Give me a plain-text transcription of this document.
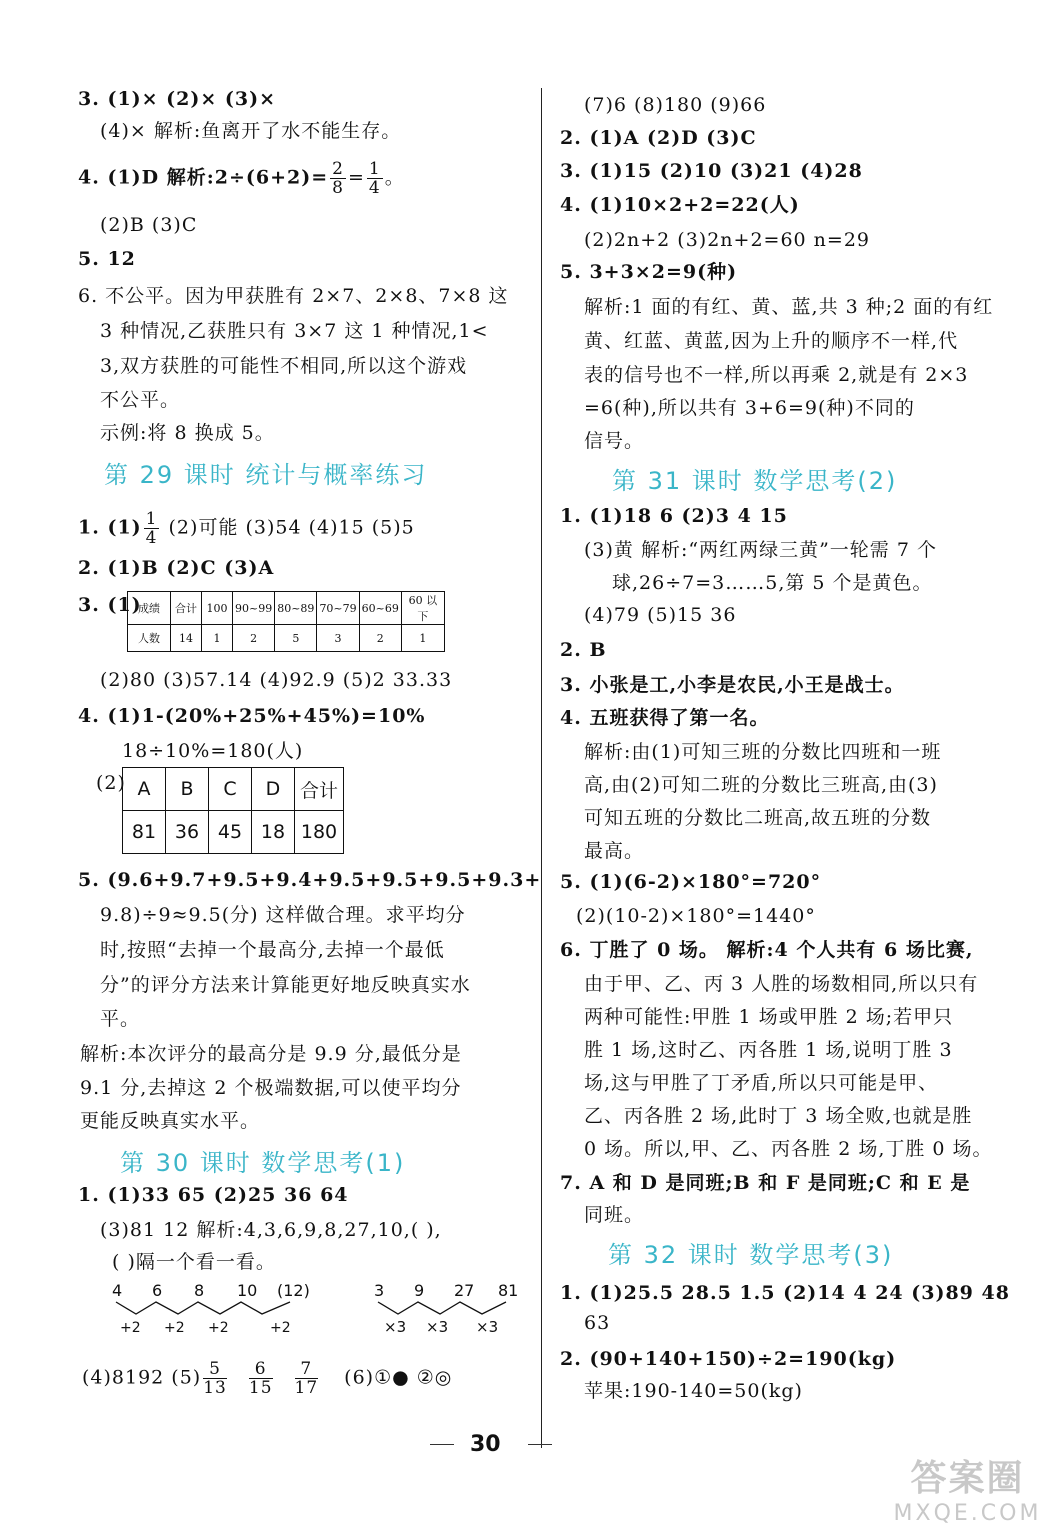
3. (1)× (2)× (3)×
(4)× 解析:鱼离开了水不能生存。
4. (1)D 解析:2÷(6+2)= $\frac{2}{8} = \frac{1}{4}$ 。
(2)B (3)C
5. 12
6. 不公平。因为甲获胜有 2×7、2×8、7×8 这
3 种情况,乙获胜只有 3×7 这 1 种情况,1<
3,双方获胜的可能性不相同,所以这个游戏
不公平。
示例:将 8 换成 5。
第 29 课时 统计与概率练习
1. $(1) \frac{1}{4} (2)$可能 (3)54 (4)15 (5)5
2. (1)B (2)C (3)A
3. (1)
成绩	合计	100	90~99	80~89	70~79	60~69	60 以下
人数	14	1	2	5	3	2	1
(2)80 (3)57.14 (4)92.9 (5)2 33.33
4. (1)1-(20%+25%+45%)=10%
18÷10%=180(人)
(2) A	B	C	D	合计
81	36	45	18	180
5. (9.6+9.7+9.5+9.4+9.5+9.5+9.5+9.3+
9.8)÷9≈9.5(分) 这样做合理。求平均分
时,按照“去掉一个最高分,去掉一个最低
分”的评分方法来计算能更好地反映真实水
平。
解析:本次评分的最高分是 9.9 分,最低分是
9.1 分,去掉这 2 个极端数据,可以使平均分
更能反映真实水平。
第 30 课时 数学思考(1)
1. (1)33 65 (2)25 36 64
(3)81 12 解析:4,3,6,9,8,27,10,( ),
( )隔一个看一看。
4 6 8 10 (12)
+2 +2 +2	+2
3 9 27 81
×3 ×3 ×3
(4)8192 $(5) \frac{5}{13} \frac{6}{15} \frac{7}{17}$ (6)①● ②◎
(7)6 (8)180 (9)66
2. (1)A (2)D (3)C
3. (1)15 (2)10 (3)21 (4)28
4. (1)10×2+2=22(人)
(2)2n+2 (3)2n+2=60 n=29
5. 3+3×2=9(种)
解析:1 面的有红、黄、蓝,共 3 种;2 面的有红
黄、红蓝、黄蓝,因为上升的顺序不一样,代
表的信号也不一样,所以再乘 2,就是有 2×3
=6(种),所以共有 3+6=9(种)不同的
信号。
第 31 课时 数学思考(2)
1. (1)18 6 (2)3 4 15
(3)黄 解析:“两红两绿三黄”一轮需 7 个
球,26÷7=3……5,第 5 个是黄色。
(4)79 (5)15 36
2. B
3. 小张是工,小李是农民,小王是战士。
4. 五班获得了第一名。
解析:由(1)可知三班的分数比四班和一班
高,由(2)可知二班的分数比三班高,由(3)
可知五班的分数比二班高,故五班的分数
最高。
5. (1)(6-2)×180°=720°
(2)(10-2)×180°=1440°
6. 丁胜了 0 场。 解析:4 个人共有 6 场比赛,
由于甲、乙、丙 3 人胜的场数相同,所以只有
两种可能性:甲胜 1 场或甲胜 2 场;若甲只
胜 1 场,这时乙、丙各胜 1 场,说明丁胜 3
场,这与甲胜了丁矛盾,所以只可能是甲、
乙、丙各胜 2 场,此时丁 3 场全败,也就是胜
0 场。所以,甲、乙、丙各胜 2 场,丁胜 0 场。
7. A 和 D 是同班;B 和 F 是同班;C 和 E 是
同班。
第 32 课时 数学思考(3)
1. (1)25.5 28.5 1.5 (2)14 4 24 (3)89 48
63
2. (90+140+150)÷2=190(kg)
苹果:190-140=50(kg)
30
答案圈
MXQE.COM
